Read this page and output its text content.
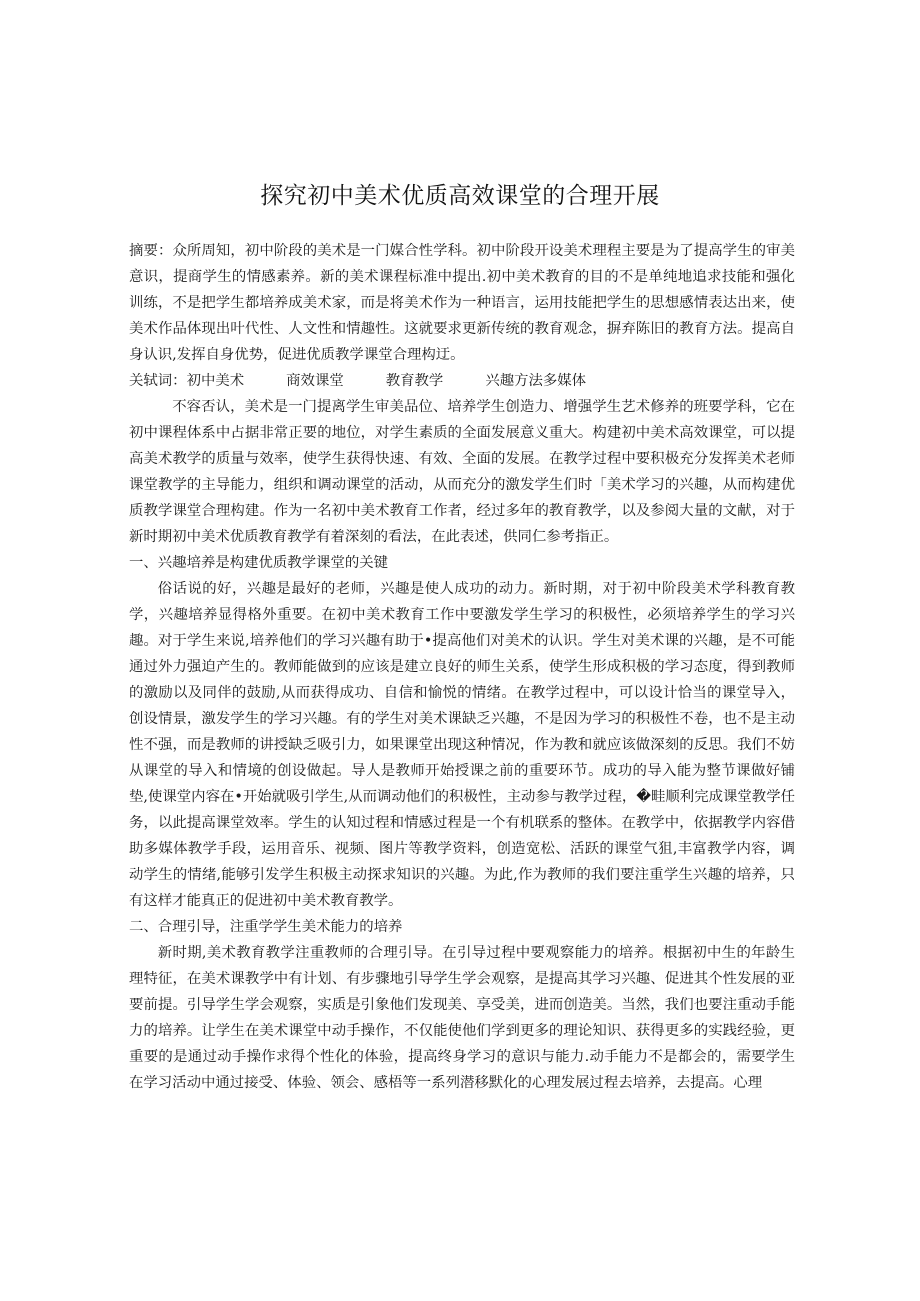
探究初中美术优质高效课堂的合理开展

摘要：众所周知，初中阶段的美术是一门媒合性学科。初中阶段开设美术理程主要是为了提高学生的审美意识，提商学生的情感素养。新的美术课程标准中提出.初中美术教育的目的不是单纯地追求技能和强化训练，不是把学生都培养成美术家，而是将美术作为一种语言，运用技能把学生的思想感情表达出来，使美术作品体现出叶代性、人文性和情趣性。这就要求更新传统的教育观念，摒弃陈旧的教育方法。提高自身认识,发挥自身优势，促进优质教学课堂合理构迂。

关轼词：初中美术	商效课堂	教育教学	兴趣方法多媒体

不容否认，美术是一门提离学生审美品位、培养学生创造力、增强学生艺术修养的班要学科，它在初中课程体系中占据非常正要的地位，对学生素质的全面发展意义重大。构建初中美术高效课堂，可以提高美术教学的质量与效率，使学生获得快速、有效、全面的发展。在教学过程中要积极充分发挥美术老师课堂教学的主导能力，组织和调动课堂的活动，从而充分的激发学生们时「美术学习的兴趣，从而构建优质教学课堂合理构建。作为一名初中美术教育工作者，经过多年的教育教学，以及参阅大量的文献，对于新时期初中美术优质教育教学有着深刻的看法，在此表述，供同仁参考指正。

一、兴趣培养是构建优质教学课堂的关键

俗话说的好，兴趣是最好的老师，兴趣是使人成功的动力。新时期，对于初中阶段美术学科教育教学，兴趣培养显得格外重要。在初中美术教育工作中要激发学生学习的积极性，必须培养学生的学习兴趣。对于学生来说,培养他们的学习兴趣有助于•提高他们对美术的认识。学生对美术课的兴趣，是不可能通过外力强迫产生的。教师能做到的应该是建立良好的师生关系，使学生形成积极的学习态度，得到教师的激励以及同伴的鼓励,从而获得成功、自信和愉悦的情绪。在教学过程中，可以设计恰当的课堂导入，创设情景，激发学生的学习兴趣。有的学生对美术课缺乏兴趣，不是因为学习的积极性不卷，也不是主动性不强，而是教师的讲授缺乏吸引力，如果课堂出现这种情况，作为教和就应该做深刻的反思。我们不妨从课堂的导入和情境的创设做起。导人是教师开始授课之前的重要环节。成功的导入能为整节课做好铺垫,使课堂内容在•开始就吸引学生,从而调动他们的积极性，主动参与教学过程，�畦顺利完成课堂教学任务，以此提高课堂效率。学生的认知过程和情感过程是一个有机联系的整体。在教学中，依据教学内容借助多媒体教学手段，运用音乐、视频、图片等教学资料，创造宽松、活跃的课堂气狙,丰富教学内容，调动学生的情绪,能够引发学生积极主动探求知识的兴趣。为此,作为教师的我们要注重学生兴趣的培养，只有这样才能真正的促进初中美术教育教学。

二、合理引导，注重学学生美术能力的培养

新时期,美术教育教学注重教师的合理引导。在引导过程中要观察能力的培养。根据初中生的年龄生理特征，在美术课教学中有计划、有步骤地引导学生学会观察，是提高其学习兴趣、促进其个性发展的亚要前提。引导学生学会观察，实质是引象他们发现美、享受美，进而创造美。当然，我们也要注重动手能力的培养。让学生在美术课堂中动手操作，不仅能使他们学到更多的理论知识、获得更多的实践经验，更重要的是通过动手操作求得个性化的体验，提高终身学习的意识与能力.动手能力不是都会的，需要学生在学习活动中通过接受、体验、领会、感梧等一系列潜移默化的心理发展过程去培养，去提高。心理
